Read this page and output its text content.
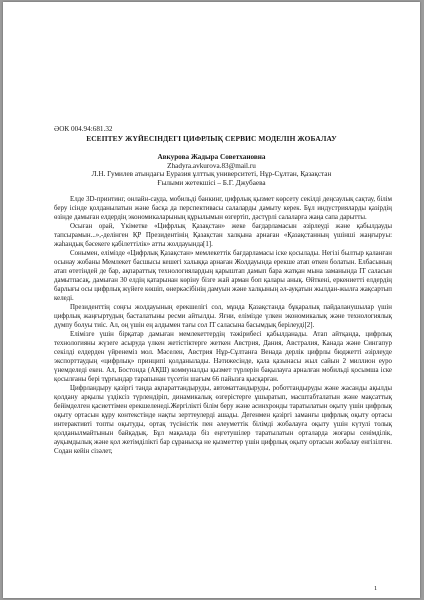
ӘОК 004.94:681.32
ЕСЕПТЕУ ЖҮЙЕСІНДЕГІ ЦИФРЛЫҚ СЕРВИС МОДЕЛІН ЖОБАЛАУ
Авкурова Жадыра Советхановна
Zhadyra.avkurova.83@mail.ru
Л.Н. Гумилев атындағы Еуразия ұлттық университеті, Нұр-Сұлтан, Қазақстан
Ғылыми жетекшісі – Б.Г. Джубаева

Елде 3D-принтинг, онлайн-сауда, мобильді банкинг, цифрлық қызмет көрсету секілді деңсаулық сақтау, білім беру ісінде қолданылатын және басқа да перспективасы салаларды дамыту керек. Бұл индустрияларды қазірдің өзінде дамыған елдердің экономикаларының құрылымын өзгертіп, дәстүрлі салаларға жаңа сапа дарытты.

Осыған орай, Үкіметке «Цифрлық Қазақстан» жеке бағдарламасын әзірлеуді және қабылдауды тапсырамын...»,-делінген ҚР Президентінің Қазақстан халқына арнаған «Қазақстанның үшінші жаңғыруы: жаһандық бәсекеге қабілеттілік» атты жолдауында[1].

Сонымен, елімізде «Цифрлық Қазақстан» мемлекеттік бағдарламасы іске қосылады. Негізі былтыр қаланған осынау жобаны Мемлекет басшысы кешегі халыққа арнаған Жолдауында ерекше атап өткен болатын. Елбасының атап өтетіндей де бар, ақпараттық технологиялардың қарыштап дамып бара жатқан мына заманында IT саласын дамытпасақ, дамыған 30 елдің қатарынан көріну бізге жай арман боп қалары анық. Өйткені, еркениетті елдердің барлығы осы цифрлық жүйеге көшіп, өнеркәсібінің дамуын және халқының әл-ауқатын жылдан-жылға жақсартып келеді.

Президенттің соңғы жолдауының ерекшелігі сол, мұнда Қазақстанда бұқаралық пайдаланушылар үшін цифрлық жаңғыртудың басталатыны ресми айтылды. Яғни, елімізде үлкен экономикалық және технологиялық дүмпу болуы тиіс. Ал, оң үшін ең алдымен тағы сол IT саласына басымдық берілеуді[2].

Елімізгe үшін бірқатар дамыған мемлекеттердің тәжірибесі қабылданады. Атап айтқанда, цифрлық технологияны жүзеге асыруда үлкен жетістіктерге жеткен Австрия, Дания, Австралия, Канада және Сингапур секілді елдерден үйренеміз мол. Мәселен, Австрия Нұр-Сұлтанға Венада дерлік цифрлы бюджетті әзірлеуде экспорттаудың «цифрлық» принципі қолданылады. Нәтижесінде, қала қазынасы жыл сайын 2 миллион еуро үнемделеді екен. Ал, Бостонда (АҚШ) коммуналды қызмет түрлерін бақылауға арналған мобильді қосымша іске қосылғаны бері тұрғындар тарапынан түсетін шағым 66 пайызға қысқарған.

Цифрландыру қазіргі таңда ақпараттандыруды, автоматтандыруды, роботтандыруды және жасанды ақылды қолдану арқылы үздіксіз түрлендіріп, динамикалық өзгерістерге ұшыратып, масштабталатын және мақсаттық бейімделген қасиеттімен ерекшеленеді.Жергілікті білім беру және асинхронды таратылатын оқыту үшін цифрлық оқыту ортасын құру контекстінде нақты зерттеулерді ашады. Дегенмен қазіргі заманғы цифрлық оқыту ортасы интерактивті топты оқытуды, ортақ түсіністік пен әлеуметтік білімді жобалауға оқыту үшін күтулі толық қолданылмайтынын байқадық. Бұл мақалада біз еңгетушілер таратылатын орталарда жоғары сенімділік, ауқымдылық және қол жетімділікті бар сұранысқа не қызметтер үшін цифрлық оқыту ортасын жобалау енгізілген. Содан кейін сізәлет,

1
